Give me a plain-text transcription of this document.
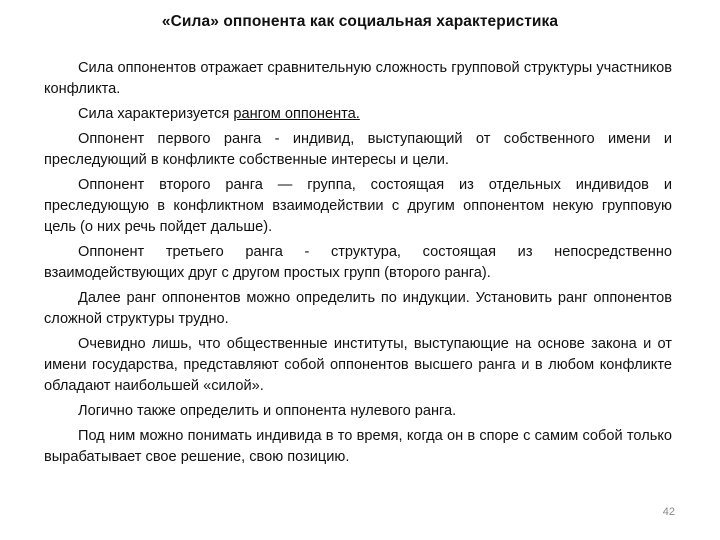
«Сила» оппонента как социальная характеристика

Сила оппонентов отражает сравнительную сложность групповой структуры участников конфликта.

Сила характеризуется рангом оппонента.

Оппонент первого ранга - индивид, выступающий от собственного имени и преследующий в конфликте собственные интересы и цели.

Оппонент второго ранга — группа, состоящая из отдельных индивидов и преследующую в конфликтном взаимодействии с другим оппонентом некую групповую цель (о них речь пойдет дальше).

Оппонент третьего ранга - структура, состоящая из непосредственно взаимодействующих друг с другом простых групп (второго ранга).

Далее ранг оппонентов можно определить по индукции. Установить ранг оппонентов сложной структуры трудно.

Очевидно лишь, что общественные институты, выступающие на основе закона и от имени государства, представляют собой оппонентов высшего ранга и в любом конфликте обладают наибольшей «силой».

Логично также определить и оппонента нулевого ранга.

Под ним можно понимать индивида в то время, когда он в споре с самим собой только вырабатывает свое решение, свою позицию.

42
